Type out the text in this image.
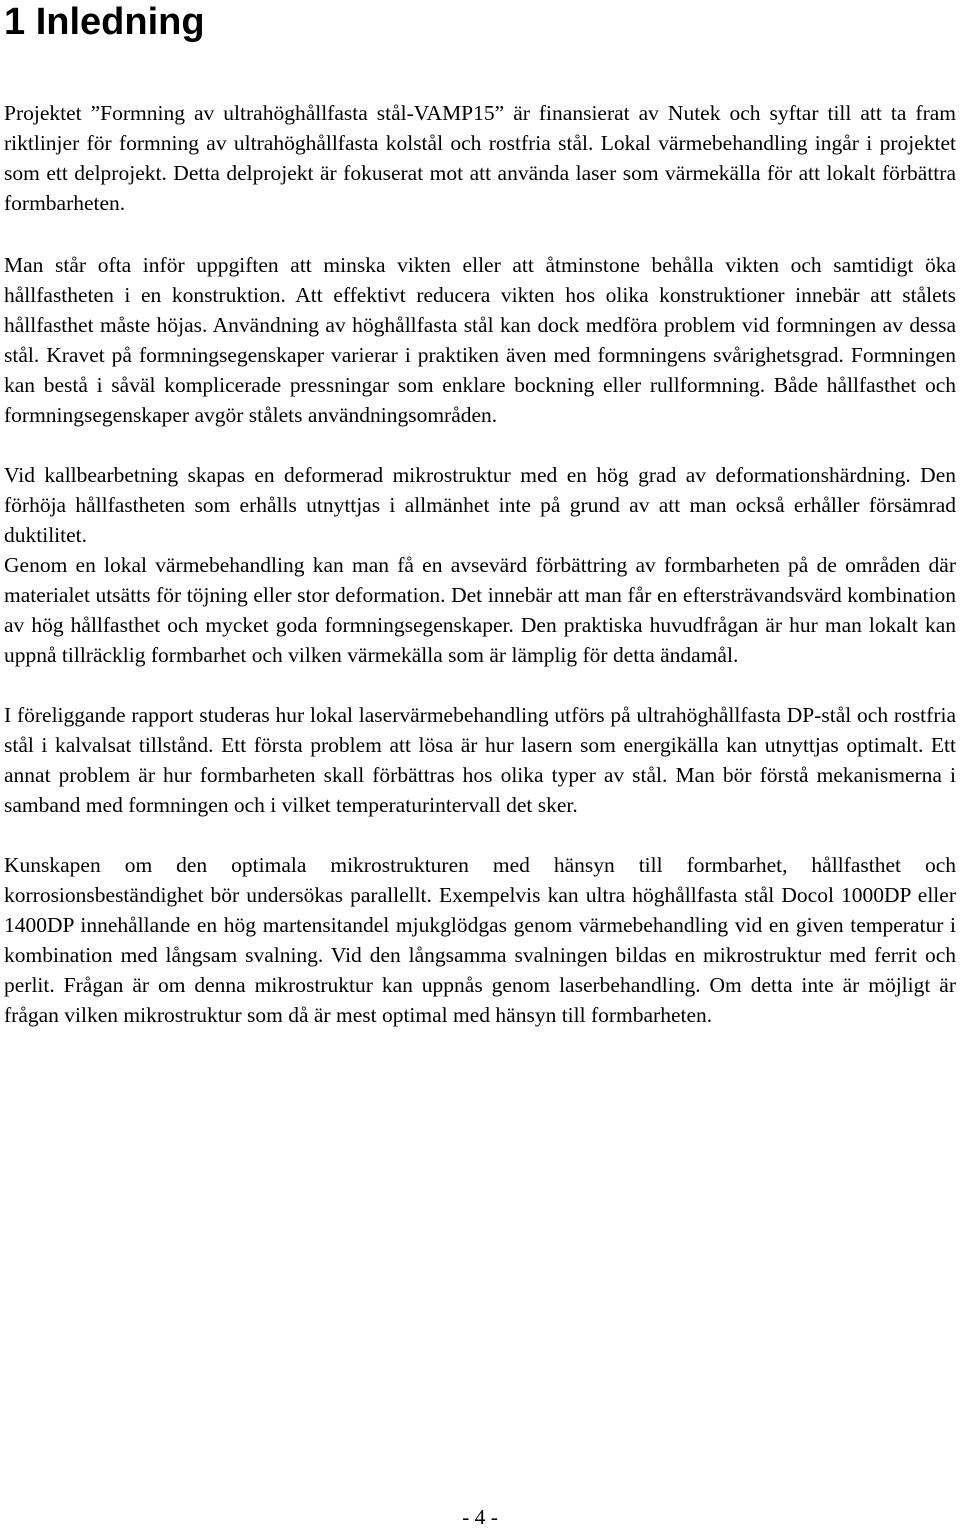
1 Inledning

Projektet ”Formning av ultrahöghållfasta stål-VAMP15” är finansierat av Nutek och syftar till att ta fram riktlinjer för formning av ultrahöghållfasta kolstål och rostfria stål. Lokal värmebehandling ingår i projektet som ett delprojekt. Detta delprojekt är fokuserat mot att använda laser som värmekälla för att lokalt förbättra formbarheten.

Man står ofta inför uppgiften att minska vikten eller att åtminstone behålla vikten och samtidigt öka hållfastheten i en konstruktion. Att effektivt reducera vikten hos olika konstruktioner innebär att stålets hållfasthet måste höjas. Användning av höghållfasta stål kan dock medföra problem vid formningen av dessa stål. Kravet på formningsegenskaper varierar i praktiken även med formningens svårighetsgrad. Formningen kan bestå i såväl komplicerade pressningar som enklare bockning eller rullformning. Både hållfasthet och formningsegenskaper avgör stålets användningsområden.

Vid kallbearbetning skapas en deformerad mikrostruktur med en hög grad av deformationshärdning. Den förhöja hållfastheten som erhålls utnyttjas i allmänhet inte på grund av att man också erhåller försämrad duktilitet.

Genom en lokal värmebehandling kan man få en avsevärd förbättring av formbarheten på de områden där materialet utsätts för töjning eller stor deformation. Det innebär att man får en eftersträvandsvärd kombination av hög hållfasthet och mycket goda formningsegenskaper. Den praktiska huvudfrågan är hur man lokalt kan uppnå tillräcklig formbarhet och vilken värmekälla som är lämplig för detta ändamål.

I föreliggande rapport studeras hur lokal laservärmebehandling utförs på ultrahöghållfasta DP-stål och rostfria stål i kalvalsat tillstånd. Ett första problem att lösa är hur lasern som energikälla kan utnyttjas optimalt. Ett annat problem är hur formbarheten skall förbättras hos olika typer av stål. Man bör förstå mekanismerna i samband med formningen och i vilket temperaturintervall det sker.

Kunskapen om den optimala mikrostrukturen med hänsyn till formbarhet, hållfasthet och korrosionsbeständighet bör undersökas parallellt. Exempelvis kan ultra höghållfasta stål Docol 1000DP eller 1400DP innehållande en hög martensitandel mjukglödgas genom värmebehandling vid en given temperatur i kombination med långsam svalning. Vid den långsamma svalningen bildas en mikrostruktur med ferrit och perlit. Frågan är om denna mikrostruktur kan uppnås genom laserbehandling. Om detta inte är möjligt är frågan vilken mikrostruktur som då är mest optimal med hänsyn till formbarheten.

- 4 -
